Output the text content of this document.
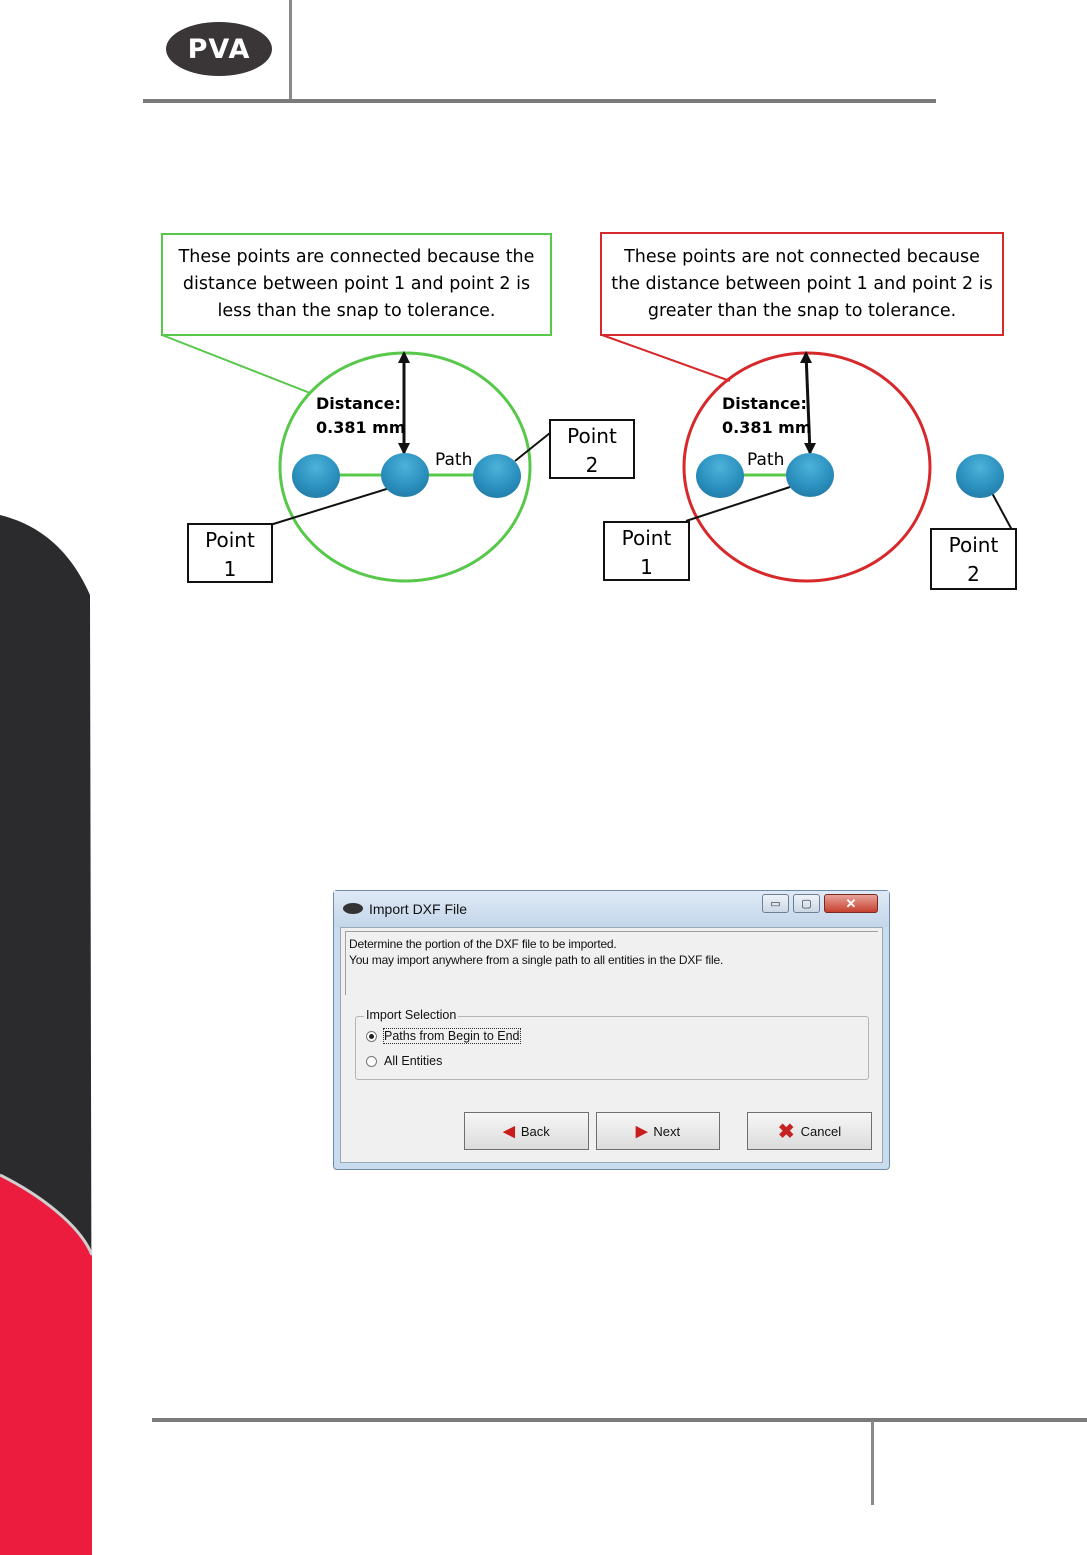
PVA
These points are connected because the distance between point 1 and point 2 is less than the snap to tolerance.
Distance:
0.381 mm
Path
Point
1
Point
2
These points are not connected because the distance between point 1 and point 2 is greater than the snap to tolerance.
Distance:
0.381 mm
Path
Point
1
Point
2
Import DXF File	▭	▢	✕
Determine the portion of the DXF file to be imported.
You may import anywhere from a single path to all entities in the DXF file.
Import Selection
Paths from Begin to End
All Entities
◀ Back	▶ Next	✖ Cancel
